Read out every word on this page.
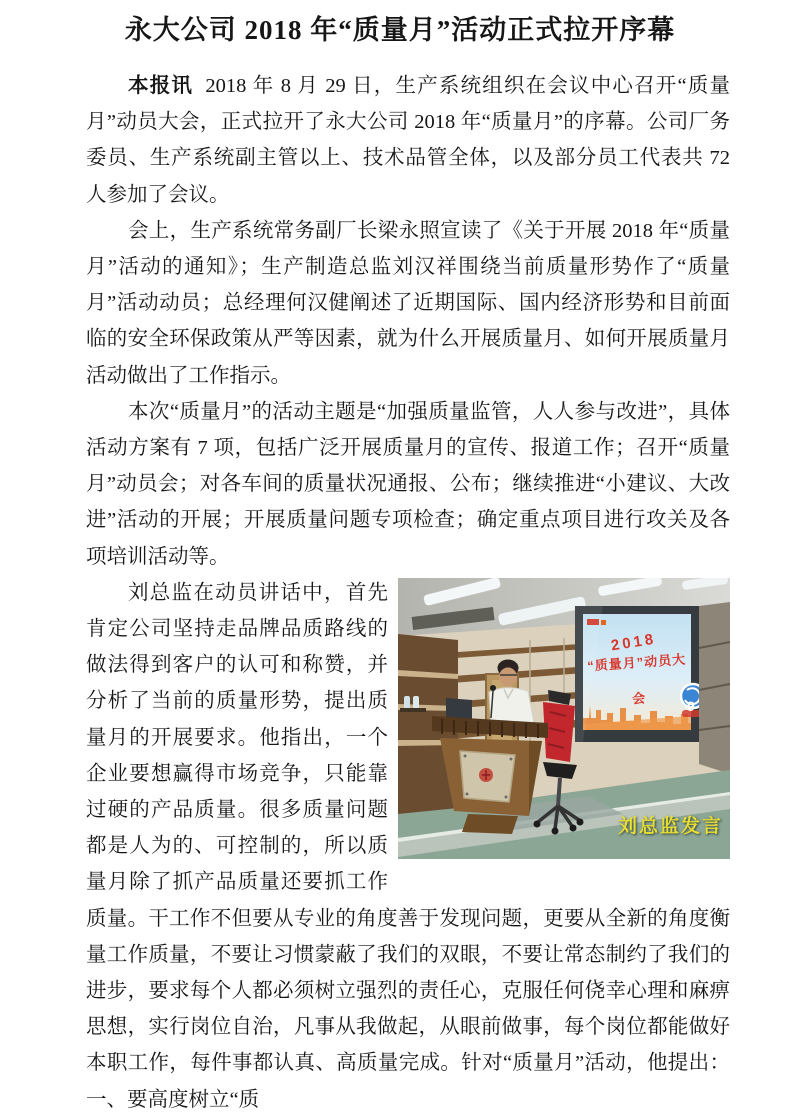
永大公司 2018 年“质量月”活动正式拉开序幕

本报讯 2018 年 8 月 29 日，生产系统组织在会议中心召开“质量月”动员大会，正式拉开了永大公司 2018 年“质量月”的序幕。公司厂务委员、生产系统副主管以上、技术品管全体，以及部分员工代表共 72 人参加了会议。

会上，生产系统常务副厂长梁永照宣读了《关于开展 2018 年“质量月”活动的通知》；生产制造总监刘汉祥围绕当前质量形势作了“质量月”活动动员；总经理何汉健阐述了近期国际、国内经济形势和目前面临的安全环保政策从严等因素，就为什么开展质量月、如何开展质量月活动做出了工作指示。

本次“质量月”的活动主题是“加强质量监管，人人参与改进”，具体活动方案有 7 项，包括广泛开展质量月的宣传、报道工作；召开“质量月”动员会；对各车间的质量状况通报、公布；继续推进“小建议、大改进”活动的开展；开展质量问题专项检查；确定重点项目进行攻关及各项培训活动等。

2018
“质量月”动员大会	9
刘总监发言
刘总监在动员讲话中，首先肯定公司坚持走品牌品质路线的做法得到客户的认可和称赞，并分析了当前的质量形势，提出质量月的开展要求。他指出，一个企业要想赢得市场竞争，只能靠过硬的产品质量。很多质量问题都是人为的、可控制的，所以质量月除了抓产品质量还要抓工作质量。干工作不但要从专业的角度善于发现问题，更要从全新的角度衡量工作质量，不要让习惯蒙蔽了我们的双眼，不要让常态制约了我们的进步，要求每个人都必须树立强烈的责任心，克服任何侥幸心理和麻痹思想，实行岗位自治，凡事从我做起，从眼前做事，每个岗位都能做好本职工作，每件事都认真、高质量完成。针对“质量月”活动，他提出：一、要高度树立“质
